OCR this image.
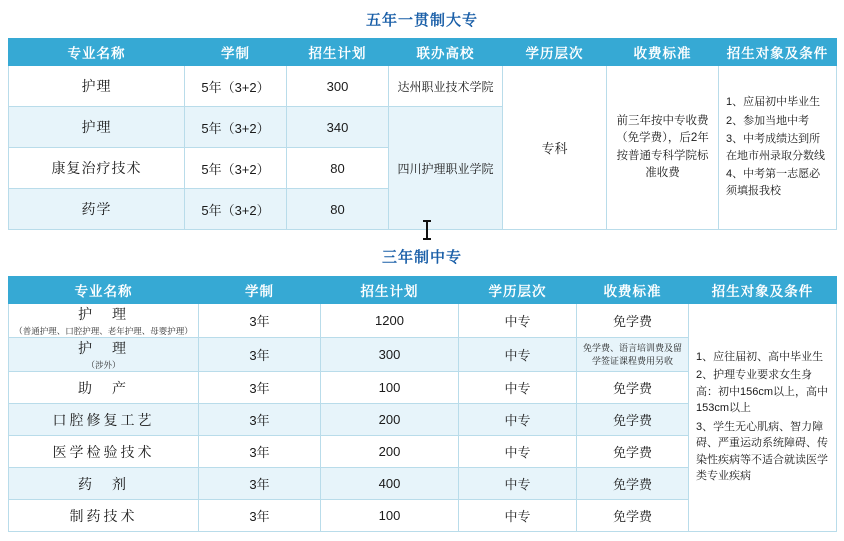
五年一贯制大专
专业名称	学制	招生计划	联办高校	学历层次	收费标准	招生对象及条件
护理	5年（3+2）	300	达州职业技术学院	专科	前三年按中专收费（免学费），后2年按普通专科学院标准收费	
1、应届初中毕业生
2、参加当地中考
3、中考成绩达到所在地市州录取分数线
4、中考第一志愿必须填报我校

护理	5年（3+2）	340	四川护理职业学院			
康复治疗技术	5年（3+2）	80				
药学	5年（3+2）	80				
三年制中专
专业名称	学制	招生计划	学历层次	收费标准	招生对象及条件
护　理
（普通护理、口腔护理、老年护理、母婴护理）
	3年	1200	中专	免学费	
1、应往届初、高中毕业生
2、护理专业要求女生身高：初中156cm以上，高中153cm以上
3、学生无心肌病、智力障碍、严重运动系统障碍、传染性疾病等不适合就读医学类专业疾病

护　理
（涉外）	3年	300	中专	免学费、语言培训费及留学签证课程费用另收	
助　产	3年	100	中专	免学费	
口腔修复工艺	3年	200	中专	免学费	
医学检验技术	3年	200	中专	免学费	
药　剂	3年	400	中专	免学费	
制药技术	3年	100	中专	免学费	
